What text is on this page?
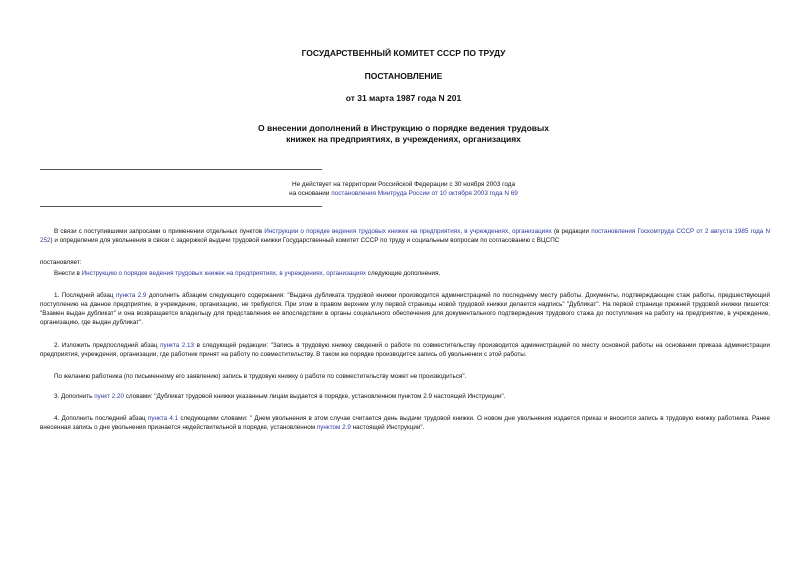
ГОСУДАРСТВЕННЫЙ КОМИТЕТ СССР ПО ТРУДУ
ПОСТАНОВЛЕНИЕ
от 31 марта 1987 года N 201
О внесении дополнений в Инструкцию о порядке ведения трудовых книжек на предприятиях, в учреждениях, организациях
Не действует на территории Российской Федерации с 30 ноября 2003 года
на основании постановления Минтруда России от 10 октября 2003 года N 69

В связи с поступившими запросами о применении отдельных пунктов Инструкции о порядке ведения трудовых книжек на предприятиях, в учреждениях, организациях (в редакции постановления Госкомтруда СССР от 2 августа 1985 года N 252) и определения для увольнения в связи с задержкой выдачи трудовой книжки Государственный комитет СССР по труду и социальным вопросам по согласованию с ВЦСПС

постановляет:

Внести в Инструкцию о порядке ведения трудовых книжек на предприятиях, в учреждениях, организациях следующие дополнения.

1. Последний абзац пункта 2.9 дополнить абзацем следующего содержания: "Выдача дубликата трудовой книжки производится администрацией по последнему месту работы. Документы, подтверждающие стаж работы, предшествующий поступлению на данное предприятие, в учреждение, организацию, не требуются. При этом в правом верхнем углу первой страницы новой трудовой книжки делается надпись" "Дубликат". На первой странице прежней трудовой книжки пишется: "Взамен выдан дубликат" и она возвращается владельцу для представления ее впоследствии в органы социального обеспечения для документального подтверждения трудового стажа до поступления на работу на предприятие, в учреждение, организацию, где выдан дубликат".

2. Изложить предпоследний абзац пункта 2.13 в следующей редакции: "Запись в трудовую книжку сведений о работе по совместительству производится администрацией по месту основной работы на основании приказа администрации предприятия, учреждения, организации, где работник принят на работу по совместительству. В таком же порядке производится запись об увольнении с этой работы.

По желанию работника (по письменному его заявлению) запись в трудовую книжку о работе по совместительству может не производиться".

3. Дополнить пункт 2.20 словами: "Дубликат трудовой книжки указанным лицам выдается в порядке, установленном пунктом 2.9 настоящей Инструкции".

4. Дополнить последний абзац пункта 4.1 следующими словами: " Днем увольнения в этом случае считается день выдачи трудовой книжки. О новом дне увольнения издается приказ и вносится запись в трудовую книжку работника. Ранее внесенная запись о дне увольнения признается недействительной в порядке, установленном пунктом 2.9 настоящей Инструкции".
